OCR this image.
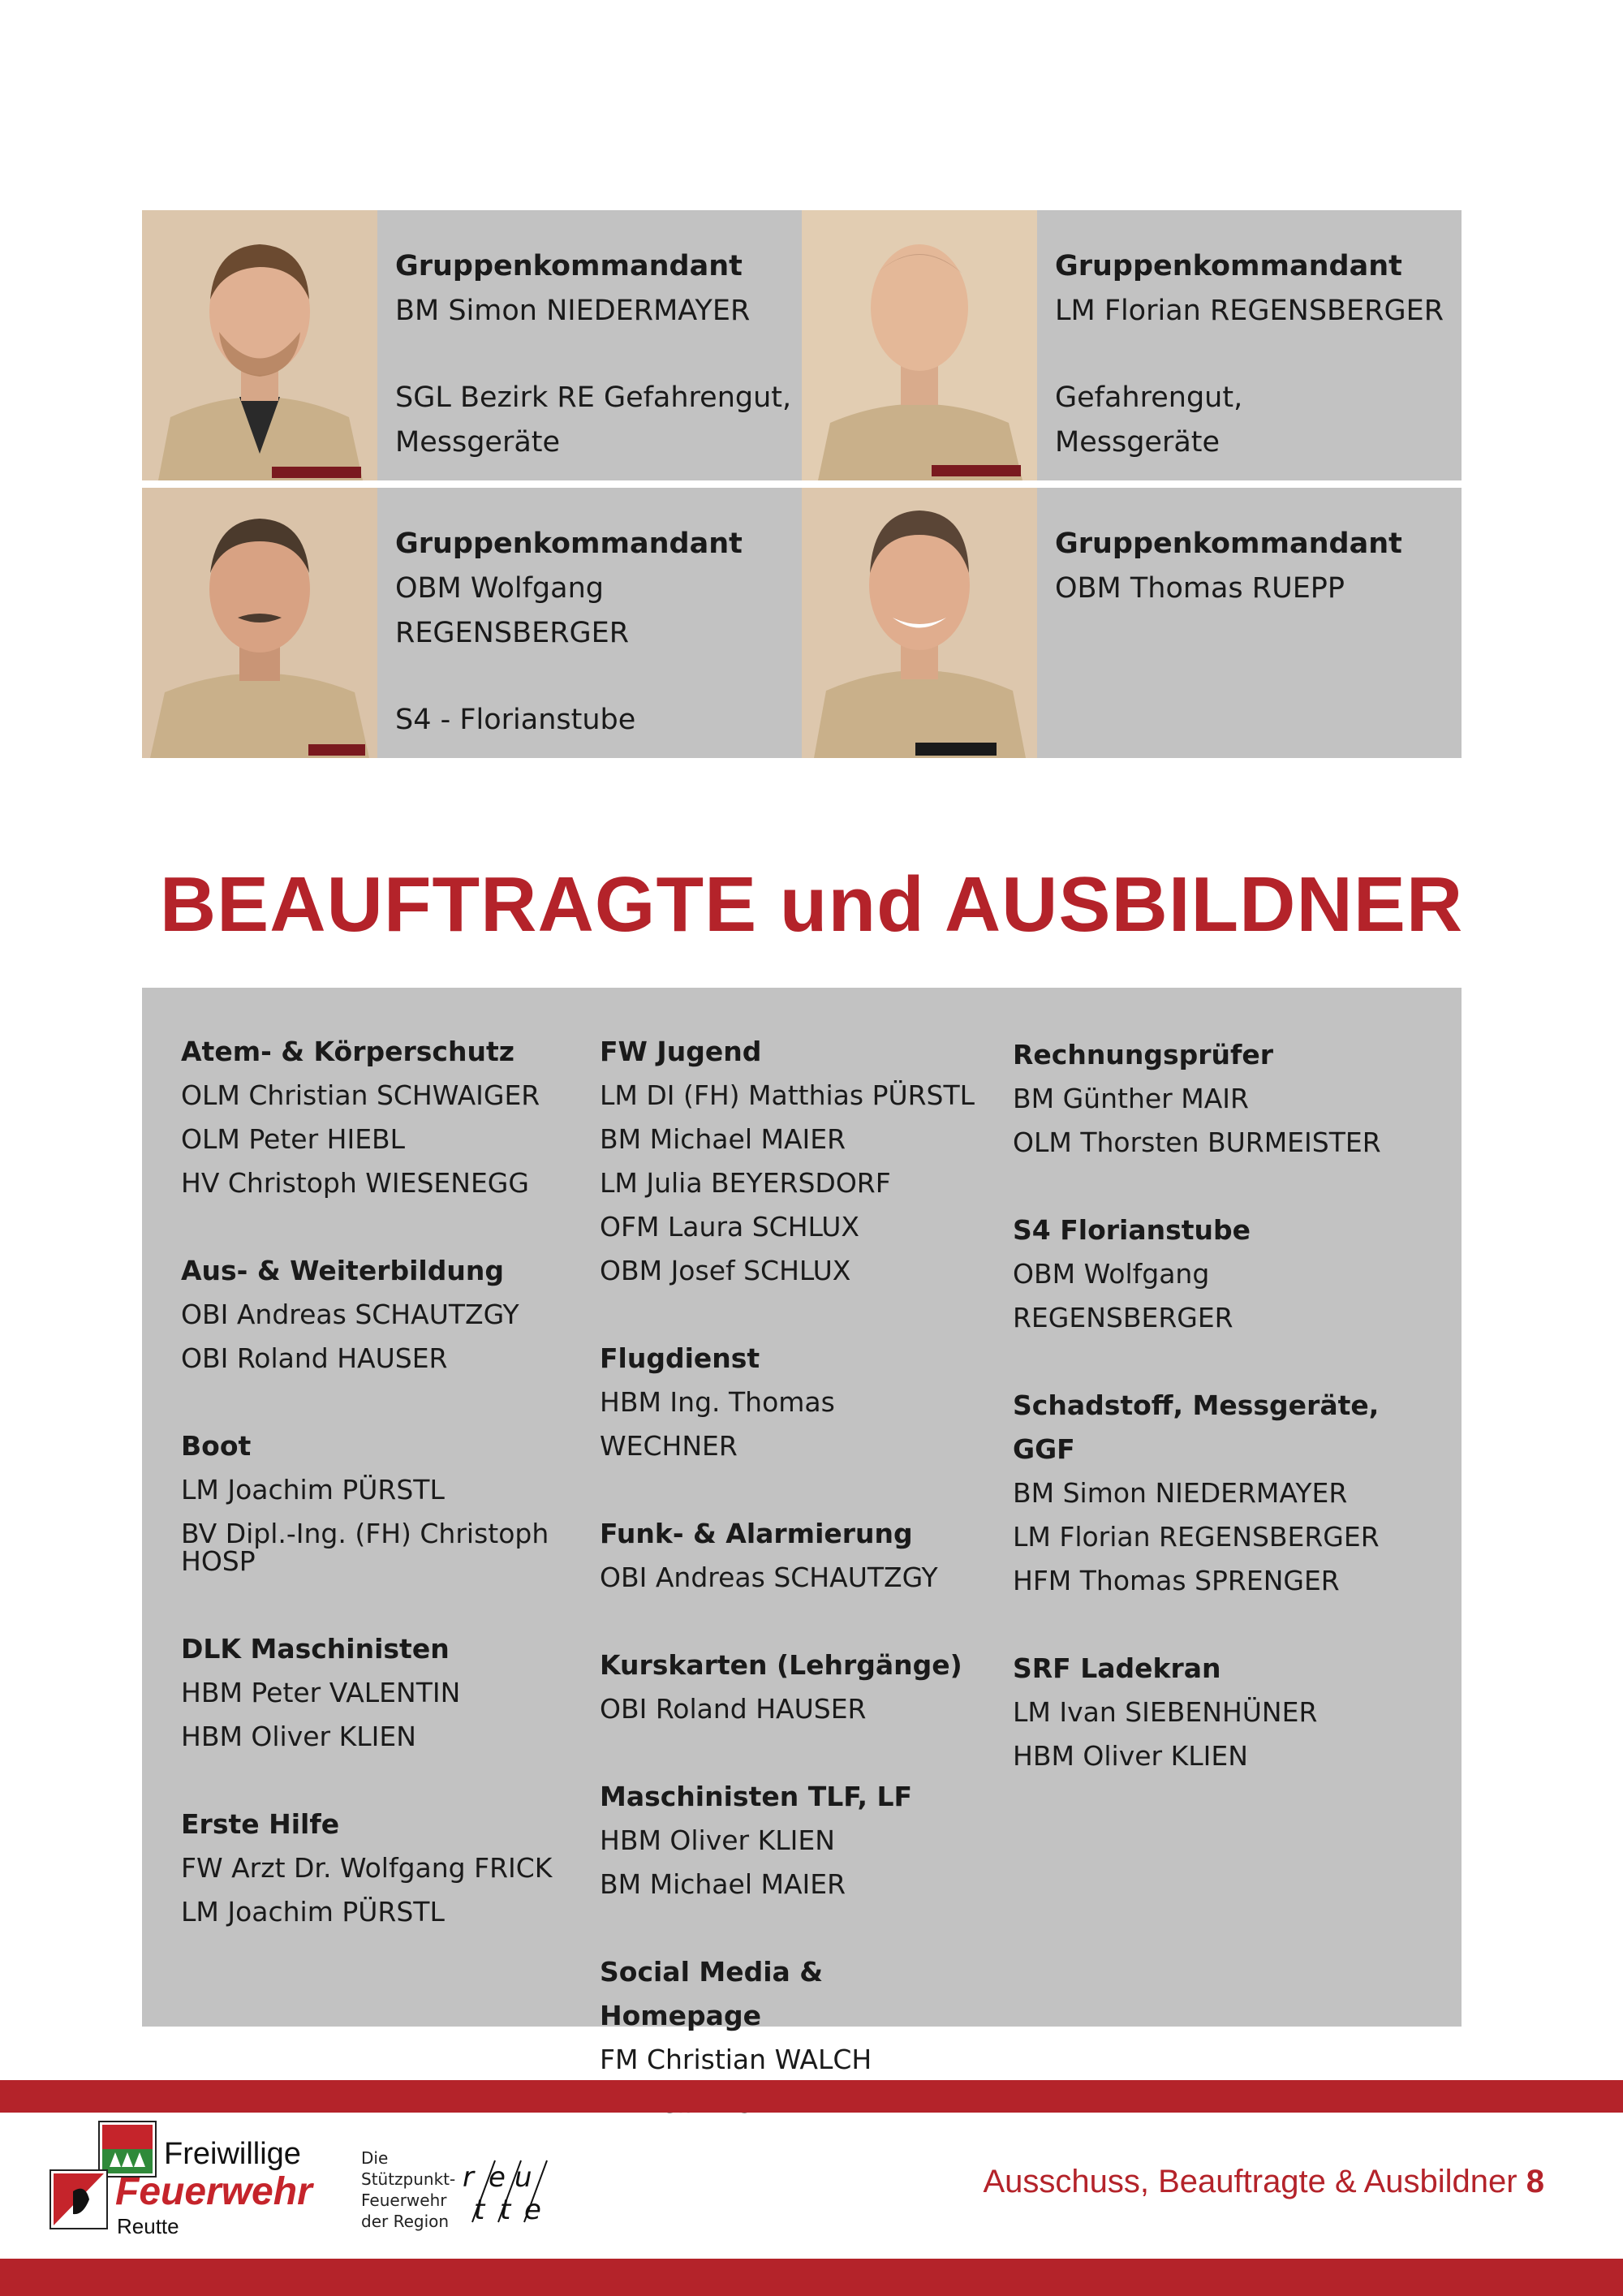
Gruppenkommandant
BM Simon NIEDERMAYER
SGL Bezirk RE Gefahrengut,
Messgeräte
Gruppenkommandant
LM Florian REGENSBERGER
Gefahrengut,
Messgeräte
Gruppenkommandant
OBM Wolfgang REGENSBERGER
S4 - Florianstube
Gruppenkommandant
OBM Thomas RUEPP
BEAUFTRAGTE und AUSBILDNER
Atem- & Körperschutz
OLM Christian SCHWAIGER
OLM Peter HIEBL
HV Christoph WIESENEGG
Aus- & Weiterbildung
OBI Andreas SCHAUTZGY
OBI Roland HAUSER
Boot
LM Joachim PÜRSTL
BV Dipl.-Ing. (FH) Christoph HOSP
DLK Maschinisten
HBM Peter VALENTIN
HBM Oliver KLIEN
Erste Hilfe
FW Arzt Dr. Wolfgang FRICK
LM Joachim PÜRSTL
FW Jugend
LM DI (FH) Matthias PÜRSTL
BM Michael MAIER
LM Julia BEYERSDORF
OFM Laura SCHLUX
OBM Josef SCHLUX
Flugdienst
HBM Ing. Thomas WECHNER
Funk- & Alarmierung
OBI Andreas SCHAUTZGY
Kurskarten (Lehrgänge)
OBI Roland HAUSER
Maschinisten TLF, LF
HBM Oliver KLIEN
BM Michael MAIER
Social Media & Homepage
FM Christian WALCH
Rechnungsprüfer
BM Günther MAIR
OLM Thorsten BURMEISTER
S4 Florianstube
OBM Wolfgang REGENSBERGER
Schadstoff, Messgeräte, GGF
BM Simon NIEDERMAYER
LM Florian REGENSBERGER
HFM Thomas SPRENGER
SRF Ladekran
LM Ivan SIEBENHÜNER
HBM Oliver KLIEN
Freiwillige
Feuerwehr
Reutte
Die
Stützpunkt-
Feuerwehr
der Region
r e u
t t e
Ausschuss, Beauftragte & Ausbildner 8
